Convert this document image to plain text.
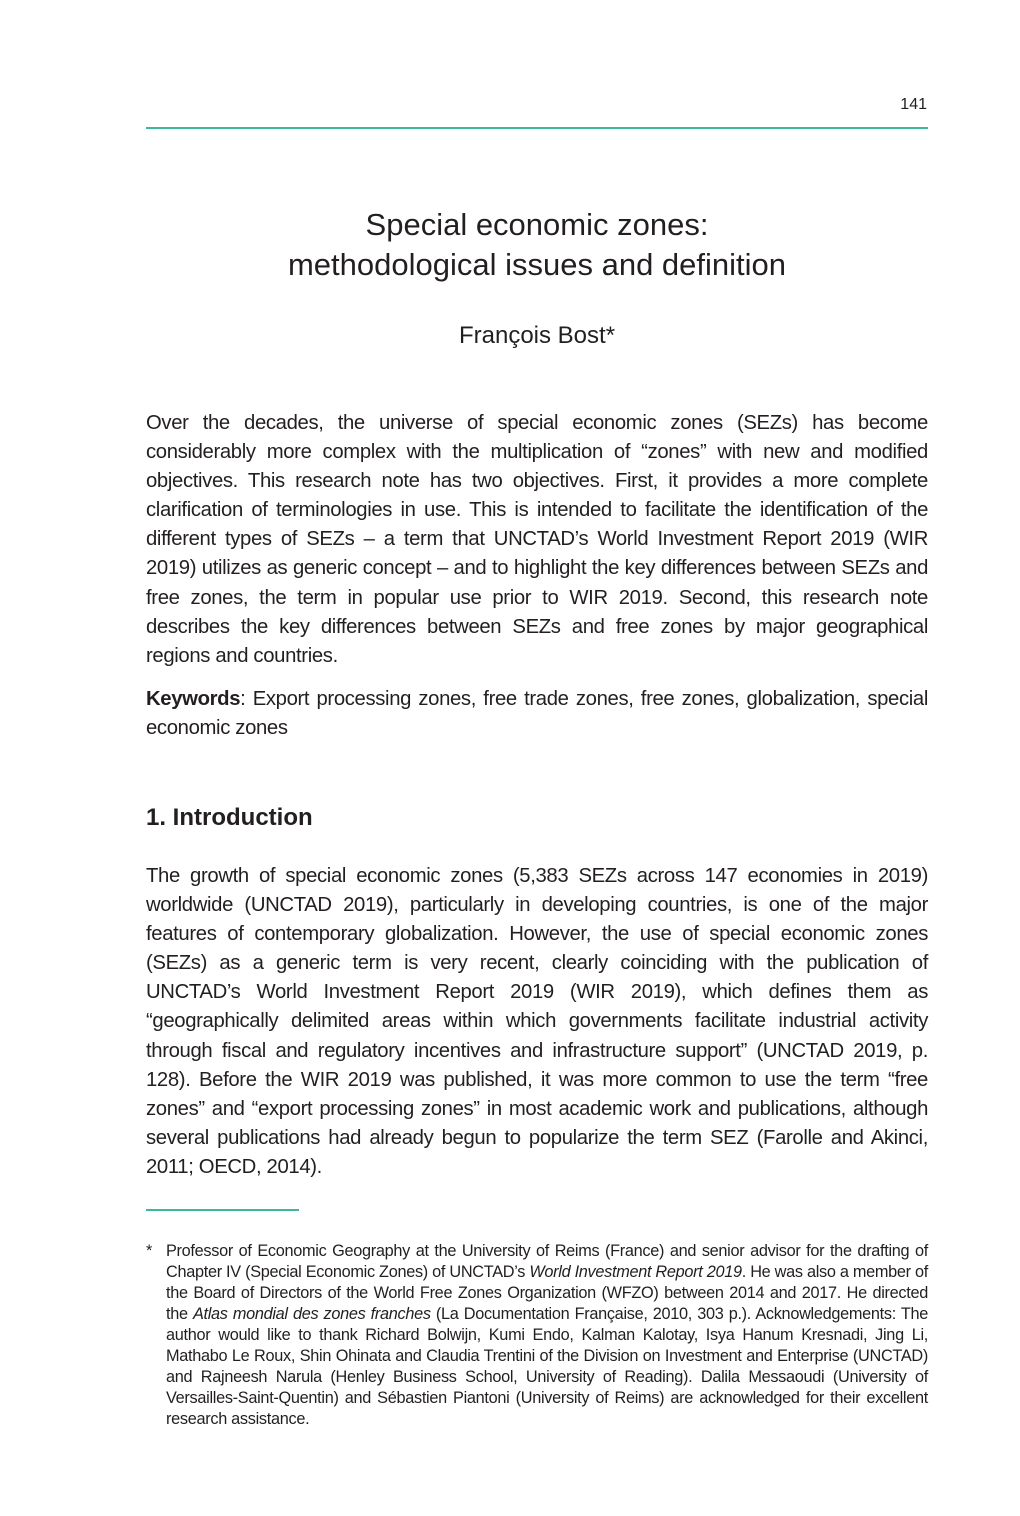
141
Special economic zones:
methodological issues and definition
François Bost*

Over the decades, the universe of special economic zones (SEZs) has become considerably more complex with the multiplication of “zones” with new and modified objectives. This research note has two objectives. First, it provides a more complete clarification of terminologies in use. This is intended to facilitate the identification of the different types of SEZs – a term that UNCTAD’s World Investment Report 2019 (WIR 2019) utilizes as generic concept – and to highlight the key differences between SEZs and free zones, the term in popular use prior to WIR 2019. Second, this research note describes the key differences between SEZs and free zones by major geographical regions and countries.

Keywords: Export processing zones, free trade zones, free zones, globalization, special economic zones

1. Introduction

The growth of special economic zones (5,383 SEZs across 147 economies in 2019) worldwide (UNCTAD 2019), particularly in developing countries, is one of the major features of contemporary globalization. However, the use of special economic zones (SEZs) as a generic term is very recent, clearly coinciding with the publication of UNCTAD’s World Investment Report 2019 (WIR 2019), which defines them as “geographically delimited areas within which governments facilitate industrial activity through fiscal and regulatory incentives and infrastructure support” (UNCTAD 2019, p. 128). Before the WIR 2019 was published, it was more common to use the term “free zones” and “export processing zones” in most academic work and publications, although several publications had already begun to popularize the term SEZ (Farolle and Akinci, 2011; OECD, 2014).

* Professor of Economic Geography at the University of Reims (France) and senior advisor for the drafting of Chapter IV (Special Economic Zones) of UNCTAD’s World Investment Report 2019. He was also a member of the Board of Directors of the World Free Zones Organization (WFZO) between 2014 and 2017. He directed the Atlas mondial des zones franches (La Documentation Française, 2010, 303 p.). Acknowledgements: The author would like to thank Richard Bolwijn, Kumi Endo, Kalman Kalotay, Isya Hanum Kresnadi, Jing Li, Mathabo Le Roux, Shin Ohinata and Claudia Trentini of the Division on Investment and Enterprise (UNCTAD) and Rajneesh Narula (Henley Business School, University of Reading). Dalila Messaoudi (University of Versailles-Saint-Quentin) and Sébastien Piantoni (University of Reims) are acknowledged for their excellent research assistance.
